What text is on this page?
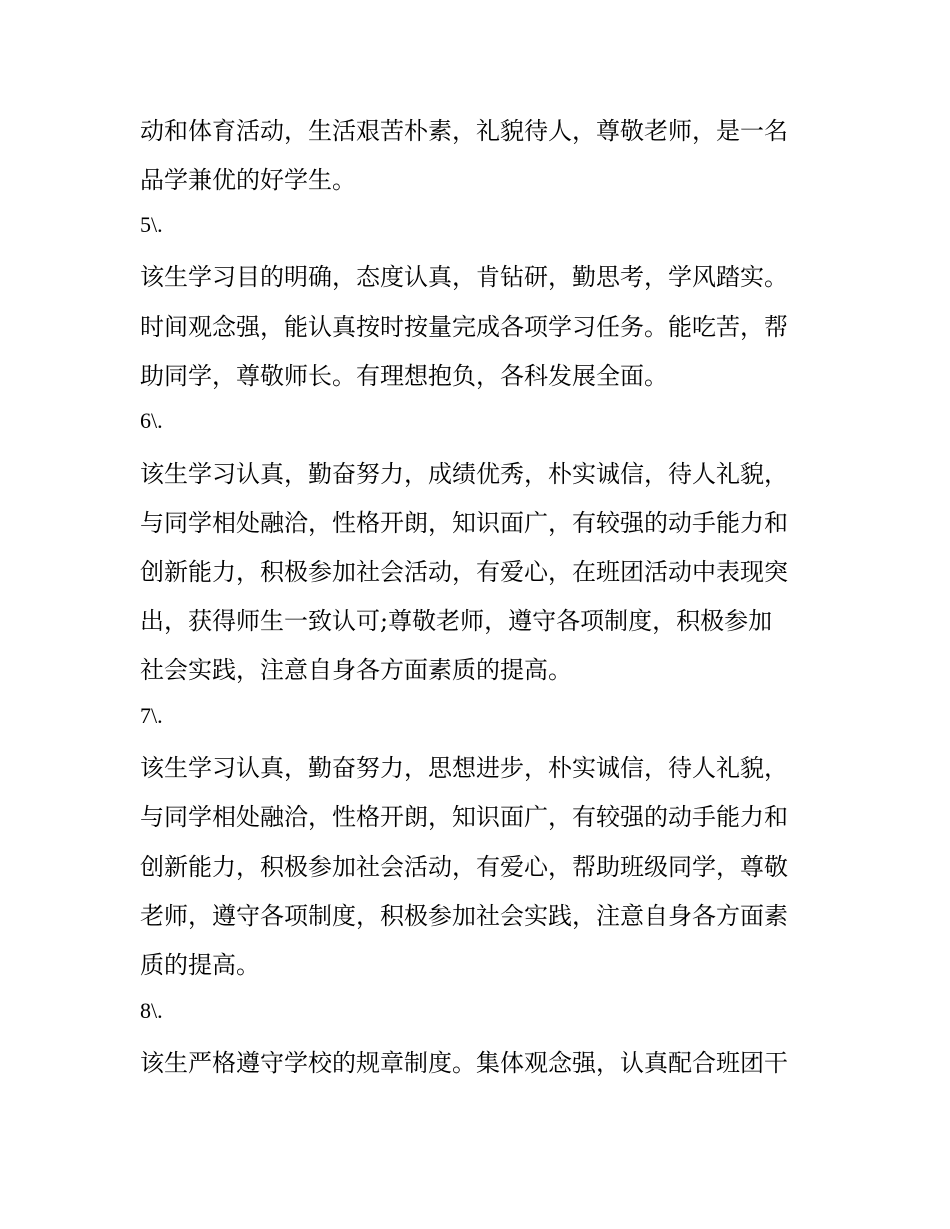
动和体育活动，生活艰苦朴素，礼貌待人，尊敬老师，是一名

品学兼优的好学生。

5\.

该生学习目的明确，态度认真，肯钻研，勤思考，学风踏实。

时间观念强，能认真按时按量完成各项学习任务。能吃苦，帮

助同学，尊敬师长。有理想抱负，各科发展全面。

6\.

该生学习认真，勤奋努力，成绩优秀，朴实诚信，待人礼貌，

与同学相处融洽，性格开朗，知识面广，有较强的动手能力和

创新能力，积极参加社会活动，有爱心，在班团活动中表现突

出，获得师生一致认可;尊敬老师，遵守各项制度，积极参加

社会实践，注意自身各方面素质的提高。

7\.

该生学习认真，勤奋努力，思想进步，朴实诚信，待人礼貌，

与同学相处融洽，性格开朗，知识面广，有较强的动手能力和

创新能力，积极参加社会活动，有爱心，帮助班级同学，尊敬

老师，遵守各项制度，积极参加社会实践，注意自身各方面素

质的提高。

8\.

该生严格遵守学校的规章制度。集体观念强，认真配合班团干
